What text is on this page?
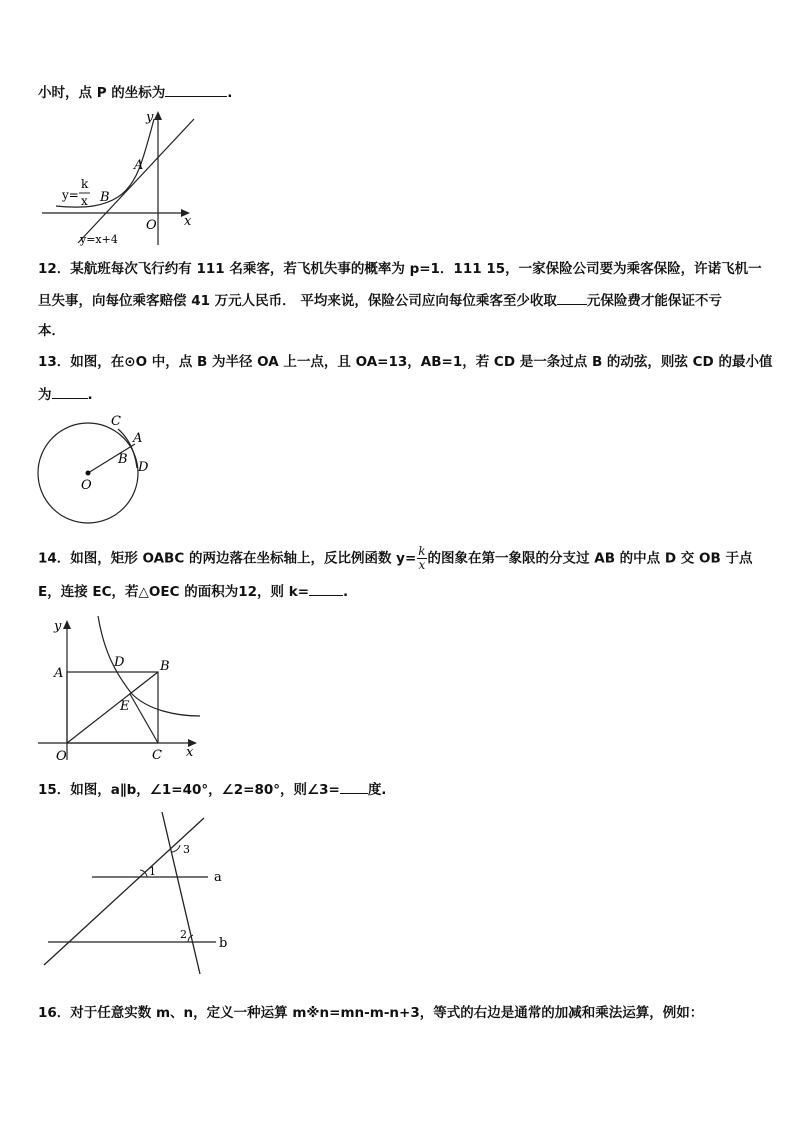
小时，点 P 的坐标为	.
y
x
O
A
B
y=
k
x
y=x+4
12．某航班每次飞行约有 111 名乘客，若飞机失事的概率为 p=1．111 15，一家保险公司要为乘客保险，许诺飞机一
旦失事，向每位乘客赔偿 41 万元人民币． 平均来说，保险公司应向每位乘客至少收取 元保险费才能保证不亏
本．
13．如图，在⊙O 中，点 B 为半径 OA 上一点，且 OA=13，AB=1，若 CD 是一条过点 B 的动弦，则弦 CD 的最小值
为	.
C
A
B
D
O
14．如图，矩形 OABC 的两边落在坐标轴上，反比例函数 $y= \frac{k}{x}$ 的图象在第一象限的分支过 AB 的中点 D 交 OB 于点
E，连接 EC，若△OEC 的面积为12，则 k=	.
y
x
A	B
D
E
O	C
15．如图，a∥b，∠1=40°，∠2=80°，则∠3= 度.
1
2
3
a
b
16．对于任意实数 m、n，定义一种运算 m※n=mn-m-n+3，等式的右边是通常的加减和乘法运算，例如：
